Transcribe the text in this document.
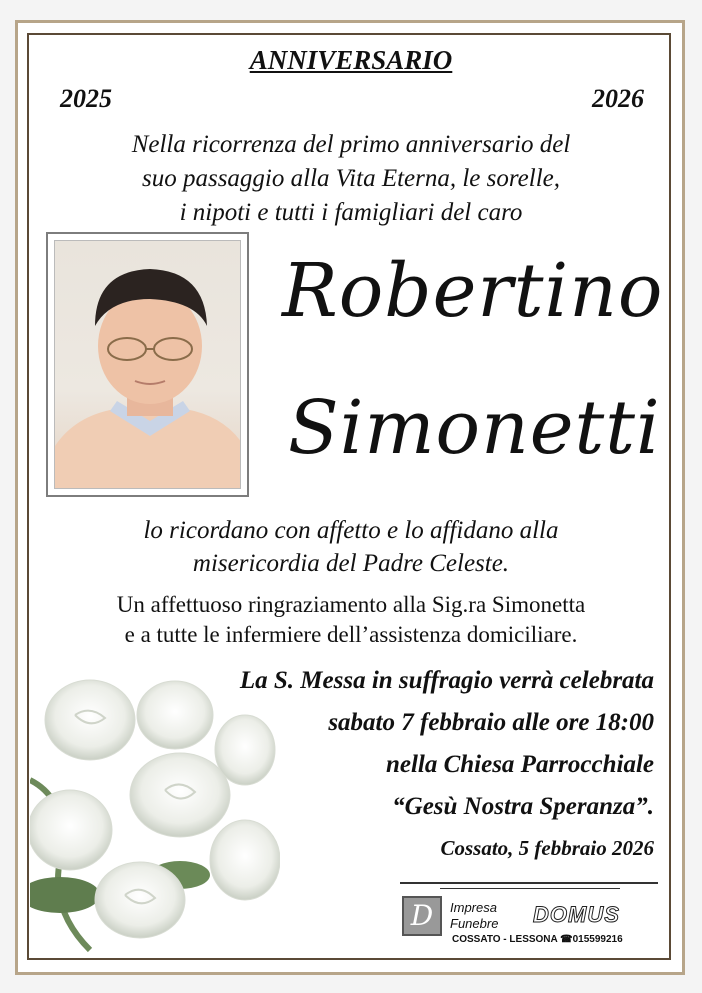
ANNIVERSARIO
2025	2026
Nella ricorrenza del primo anniversario del
suo passaggio alla Vita Eterna, le sorelle,
i nipoti e tutti i famigliari del caro
Robertino
Simonetti
lo ricordano con affetto e lo affidano alla
misericordia del Padre Celeste.
Un affettuoso ringraziamento alla Sig.ra Simonetta
e a tutte le infermiere dell’assistenza domiciliare.
La S. Messa in suffragio verrà celebrata
sabato 7 febbraio alle ore 18:00
nella Chiesa Parrocchiale
“Gesù Nostra Speranza”.
Cossato, 5 febbraio 2026
D	Impresa
Funebre DOMUS
COSSATO - LESSONA ☎015599216
